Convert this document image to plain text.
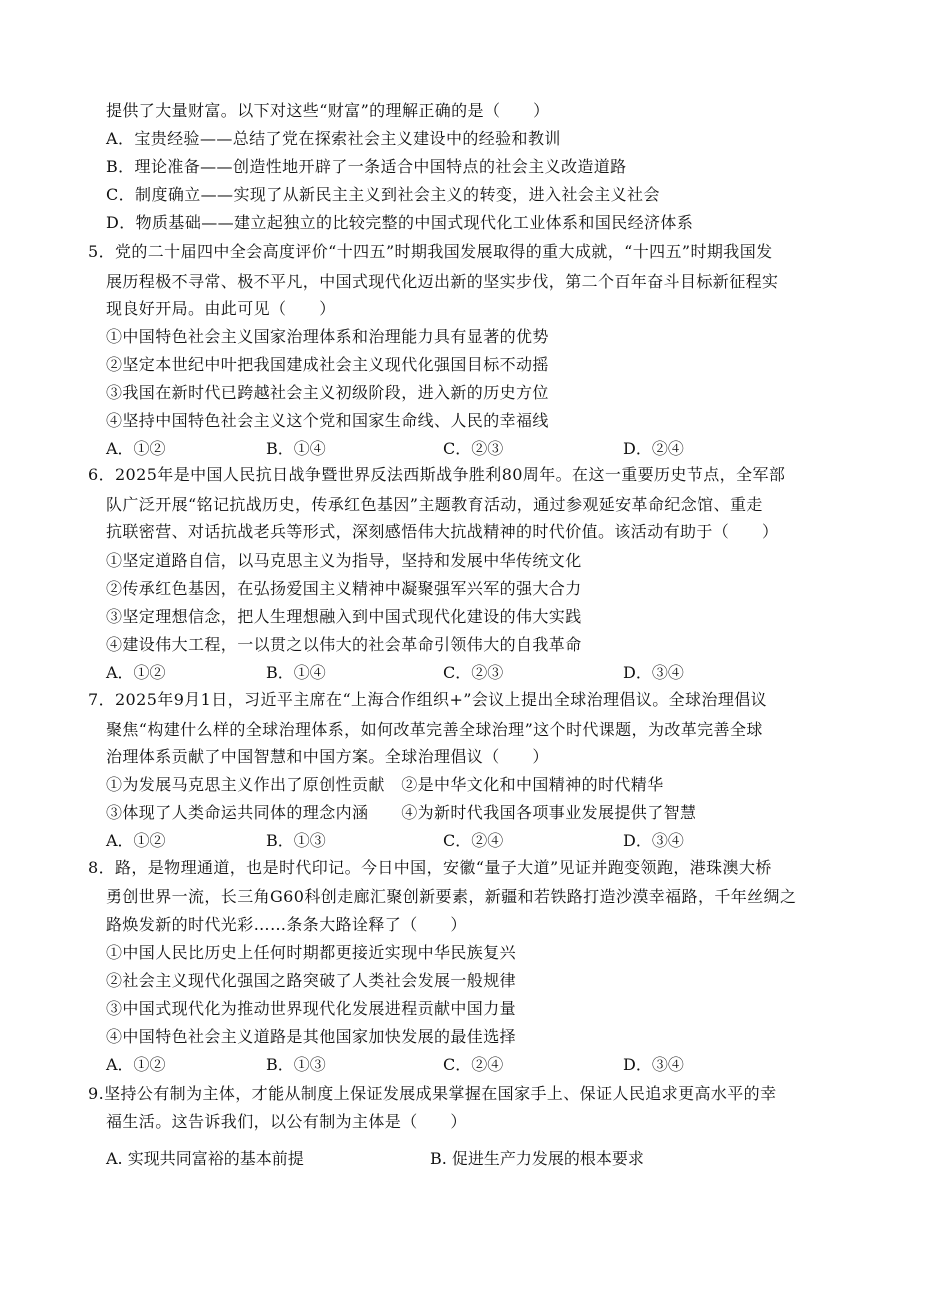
提供了大量财富。以下对这些“财富”的理解正确的是（　　）
A．宝贵经验——总结了党在探索社会主义建设中的经验和教训
B．理论准备——创造性地开辟了一条适合中国特点的社会主义改造道路
C．制度确立——实现了从新民主主义到社会主义的转变，进入社会主义社会
D．物质基础——建立起独立的比较完整的中国式现代化工业体系和国民经济体系
5．党的二十届四中全会高度评价“十四五”时期我国发展取得的重大成就，“十四五”时期我国发
展历程极不寻常、极不平凡，中国式现代化迈出新的坚实步伐，第二个百年奋斗目标新征程实
现良好开局。由此可见（　　）
①中国特色社会主义国家治理体系和治理能力具有显著的优势
②坚定本世纪中叶把我国建成社会主义现代化强国目标不动摇
③我国在新时代已跨越社会主义初级阶段，进入新的历史方位
④坚持中国特色社会主义这个党和国家生命线、人民的幸福线
A．①②	B．①④	C．②③	D．②④
6．2025年是中国人民抗日战争暨世界反法西斯战争胜利80周年。在这一重要历史节点，全军部
队广泛开展“铭记抗战历史，传承红色基因”主题教育活动，通过参观延安革命纪念馆、重走
抗联密营、对话抗战老兵等形式，深刻感悟伟大抗战精神的时代价值。该活动有助于（　　）
①坚定道路自信，以马克思主义为指导，坚持和发展中华传统文化
②传承红色基因，在弘扬爱国主义精神中凝聚强军兴军的强大合力
③坚定理想信念，把人生理想融入到中国式现代化建设的伟大实践
④建设伟大工程，一以贯之以伟大的社会革命引领伟大的自我革命
A．①②	B．①④	C．②③	D．③④
7．2025年9月1日，习近平主席在“上海合作组织+”会议上提出全球治理倡议。全球治理倡议
聚焦“构建什么样的全球治理体系，如何改革完善全球治理”这个时代课题，为改革完善全球
治理体系贡献了中国智慧和中国方案。全球治理倡议（　　）
①为发展马克思主义作出了原创性贡献　②是中华文化和中国精神的时代精华
③体现了人类命运共同体的理念内涵　　④为新时代我国各项事业发展提供了智慧
A．①②	B．①③	C．②④	D．③④
8．路，是物理通道，也是时代印记。今日中国，安徽“量子大道”见证并跑变领跑，港珠澳大桥
勇创世界一流，长三角G60科创走廊汇聚创新要素，新疆和若铁路打造沙漠幸福路，千年丝绸之
路焕发新的时代光彩……条条大路诠释了（　　）
①中国人民比历史上任何时期都更接近实现中华民族复兴
②社会主义现代化强国之路突破了人类社会发展一般规律
③中国式现代化为推动世界现代化发展进程贡献中国力量
④中国特色社会主义道路是其他国家加快发展的最佳选择
A．①②	B．①③	C．②④	D．③④
9.坚持公有制为主体，才能从制度上保证发展成果掌握在国家手上、保证人民追求更高水平的幸
福生活。这告诉我们，以公有制为主体是（　　）
A. 实现共同富裕的基本前提	B. 促进生产力发展的根本要求
